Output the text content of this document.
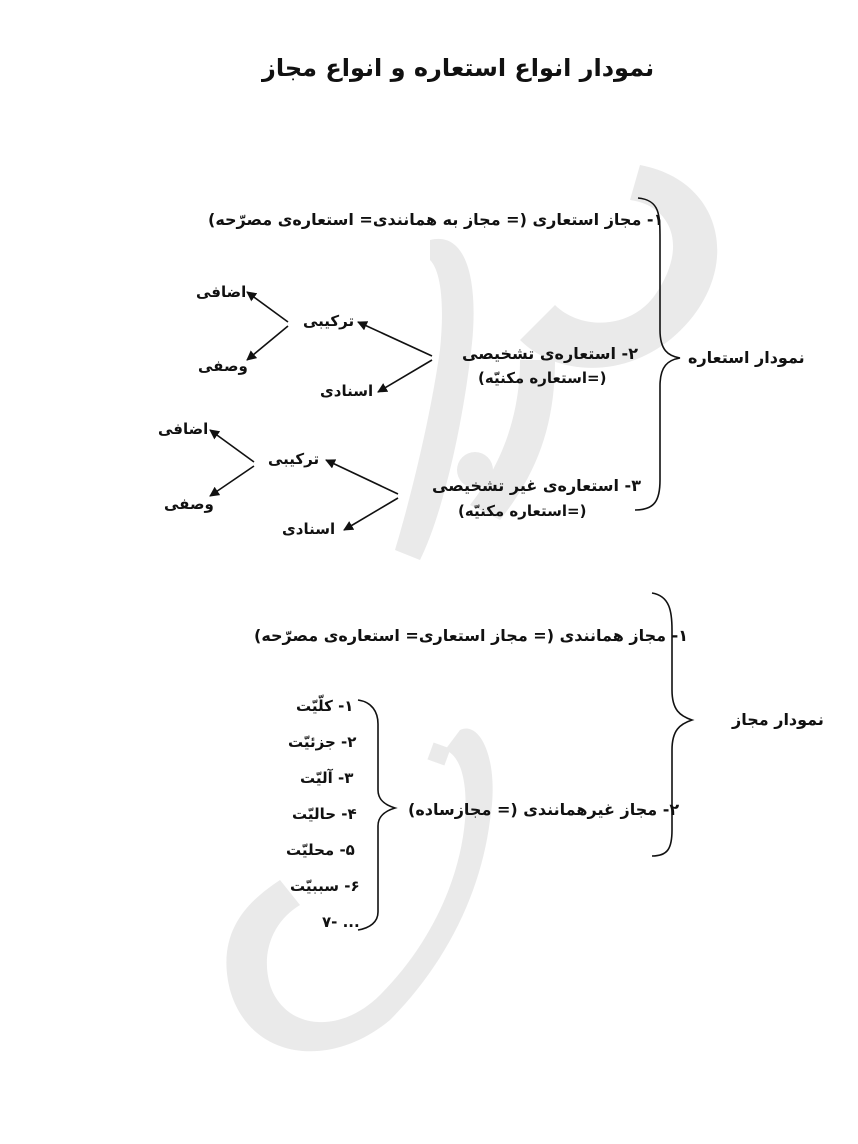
نمودار انواع استعاره و انواع مجاز
نمودار استعاره
۱- مجاز استعاری (= مجاز به همانندی= استعاره‌ی مصرّحه)
۲- استعاره‌ی تشخیصی
(=استعاره مکنیّه)
ترکیبی
اسنادی
اضافی
وصفی
۳- استعاره‌ی غیر تشخیصی
(=استعاره مکنیّه)
ترکیبی
اسنادی
اضافی
وصفی
نمودار مجاز
۱- مجاز همانندی (= مجاز استعاری= استعاره‌ی مصرّحه)
۲- مجاز غیرهمانندی (= مجازساده)
۱- کلّیّت
۲- جزئیّت
۳- آلیّت
۴- حالیّت
۵- محلیّت
۶- سببیّت
۷- ...
